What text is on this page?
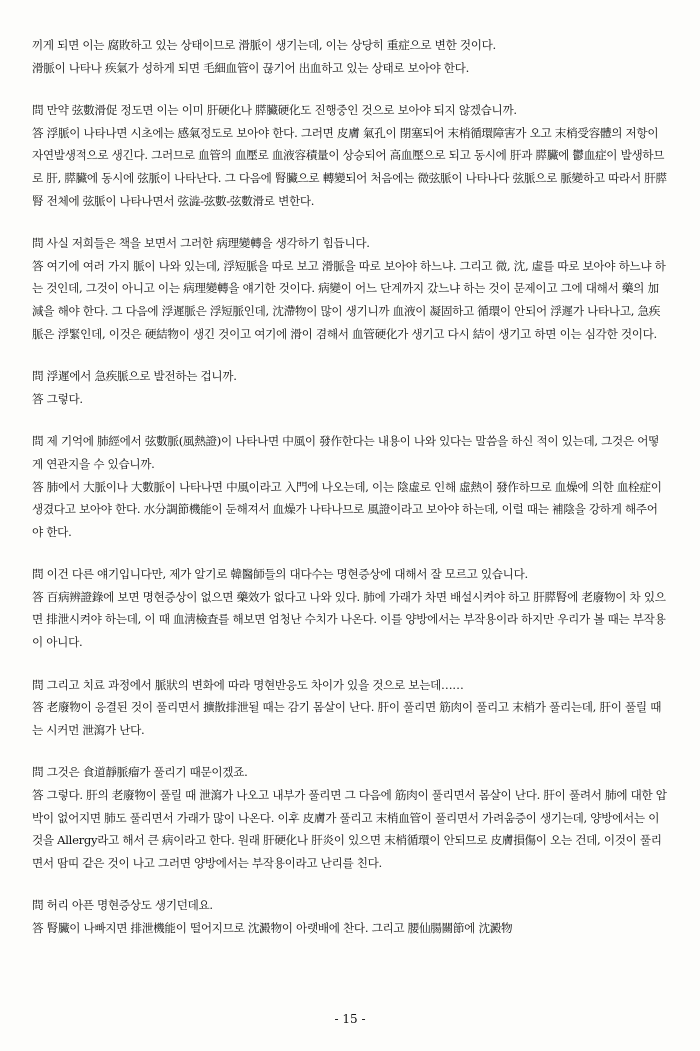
끼게 되면 이는 腐敗하고 있는 상태이므로 滑脈이 생기는데, 이는 상당히 重症으로 변한 것이다.

滑脈이 나타나 疾氣가 성하게 되면 毛細血管이 끊기어 出血하고 있는 상태로 보아야 한다.

問 만약 弦數滑促 정도면 이는 이미 肝硬化나 膵臟硬化도 진행중인 것으로 보아야 되지 않겠습니까.

答 浮脈이 나타나면 시초에는 感氣정도로 보아야 한다. 그러면 皮膚 氣孔이 閉塞되어 末梢循環障害가 오고 末梢受容體의 저항이 자연발생적으로 생긴다. 그러므로 血管의 血壓로 血液容積量이 상승되어 高血壓으로 되고 동시에 肝과 膵臟에 鬱血症이 발생하므로 肝, 膵臟에 동시에 弦脈이 나타난다. 그 다음에 腎臟으로 轉變되어 처음에는 微弦脈이 나타나다 弦脈으로 脈變하고 따라서 肝膵腎 전체에 弦脈이 나타나면서 弦澁-弦數-弦數滑로 변한다.

問 사실 저희들은 책을 보면서 그러한 病理變轉을 생각하기 힘듭니다.

答 여기에 여러 가지 脈이 나와 있는데, 浮短脈을 따로 보고 滑脈을 따로 보아야 하느냐. 그리고 微, 沈, 虛를 따로 보아야 하느냐 하는 것인데, 그것이 아니고 이는 病理變轉을 얘기한 것이다. 病變이 어느 단계까지 갔느냐 하는 것이 문제이고 그에 대해서 藥의 加減을 해야 한다. 그 다음에 浮遲脈은 浮短脈인데, 沈滯物이 많이 생기니까 血液이 凝固하고 循環이 안되어 浮遲가 나타나고, 急疾脈은 浮緊인데, 이것은 硬結物이 생긴 것이고 여기에 滑이 겸해서 血管硬化가 생기고 다시 結이 생기고 하면 이는 심각한 것이다.

問 浮遲에서 急疾脈으로 발전하는 겁니까.

答 그렇다.

問 제 기억에 肺經에서 弦數脈(風熱證)이 나타나면 中風이 發作한다는 내용이 나와 있다는 말씀을 하신 적이 있는데, 그것은 어떻게 연관지을 수 있습니까.

答 肺에서 大脈이나 大數脈이 나타나면 中風이라고 入門에 나오는데, 이는 陰虛로 인해 虛熱이 發作하므로 血燥에 의한 血栓症이 생겼다고 보아야 한다. 水分調節機能이 둔해져서 血燥가 나타나므로 風證이라고 보아야 하는데, 이럴 때는 補陰을 강하게 해주어야 한다.

問 이건 다른 얘기입니다만, 제가 알기로 韓醫師들의 대다수는 명현증상에 대해서 잘 모르고 있습니다.

答 百病辨證錄에 보면 명현증상이 없으면 藥效가 없다고 나와 있다. 肺에 가래가 차면 배설시켜야 하고 肝膵腎에 老廢物이 차 있으면 排泄시켜야 하는데, 이 때 血淸檢査를 해보면 엄청난 수치가 나온다. 이를 양방에서는 부작용이라 하지만 우리가 볼 때는 부작용이 아니다.

問 그리고 치료 과정에서 脈狀의 변화에 따라 명현반응도 차이가 있을 것으로 보는데……

答 老廢物이 응결된 것이 풀리면서 擴散排泄될 때는 감기 몸살이 난다. 肝이 풀리면 筋肉이 풀리고 末梢가 풀리는데, 肝이 풀릴 때는 시커먼 泄瀉가 난다.

問 그것은 食道靜脈瘤가 풀리기 때문이겠죠.

答 그렇다. 肝의 老廢物이 풀릴 때 泄瀉가 나오고 내부가 풀리면 그 다음에 筋肉이 풀리면서 몸살이 난다. 肝이 풀려서 肺에 대한 압박이 없어지면 肺도 풀리면서 가래가 많이 나온다. 이후 皮膚가 풀리고 末梢血管이 풀리면서 가려움증이 생기는데, 양방에서는 이것을 Allergy라고 해서 큰 病이라고 한다. 원래 肝硬化나 肝炎이 있으면 末梢循環이 안되므로 皮膚損傷이 오는 건데, 이것이 풀리면서 땀띠 같은 것이 나고 그러면 양방에서는 부작용이라고 난리를 친다.

問 허리 아픈 명현증상도 생기던데요.

答 腎臟이 나빠지면 排泄機能이 떨어지므로 沈澱物이 아랫배에 찬다. 그리고 腰仙腸關節에 沈澱物

- 15 -
